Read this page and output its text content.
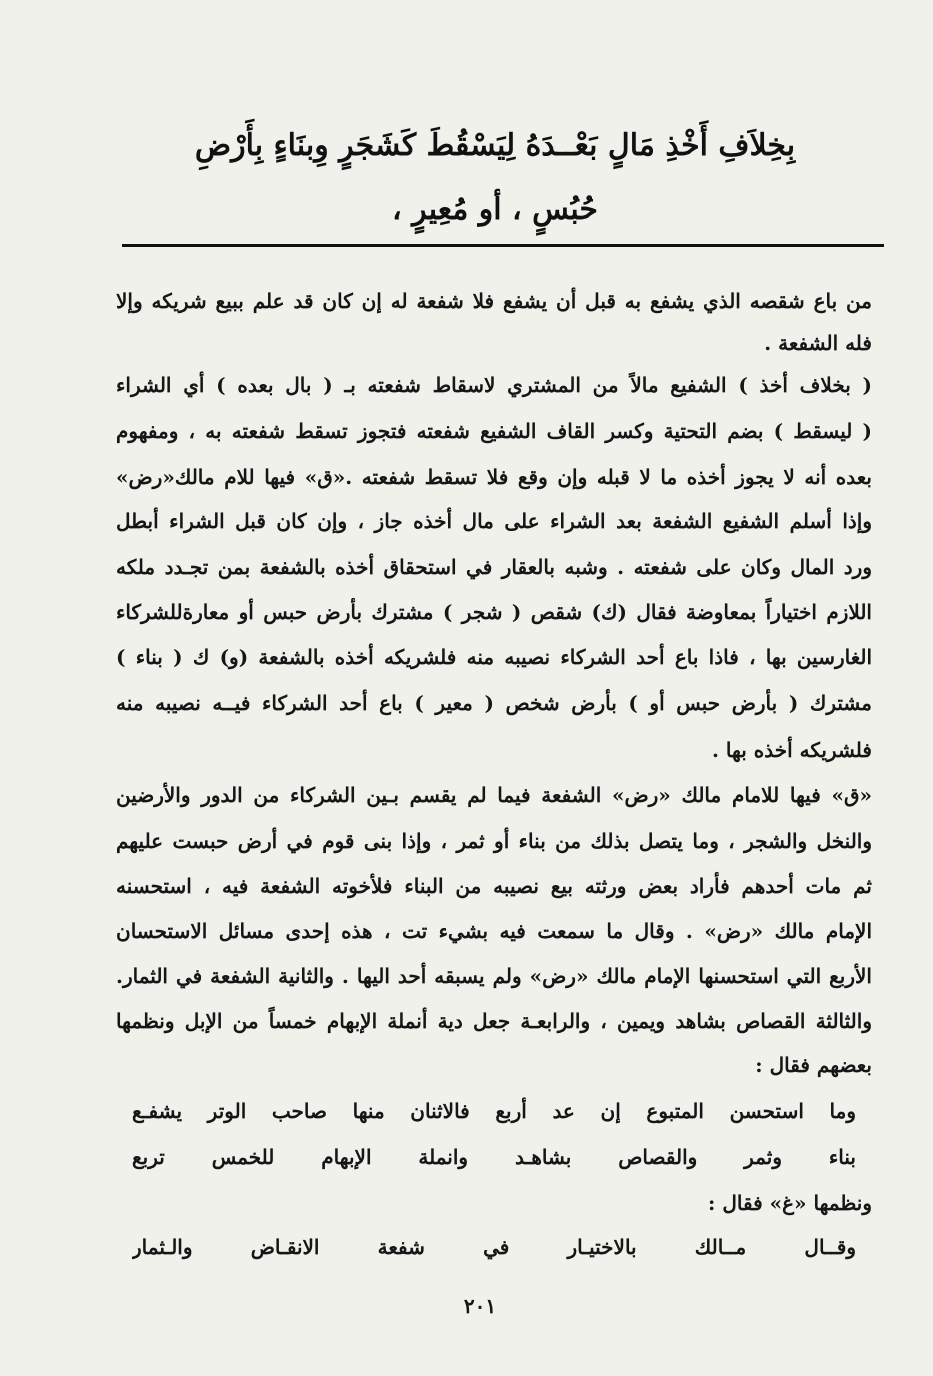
بِخِلاَفِ أَخْذِ مَالٍ بَعْــدَهُ لِيَسْقُطَ كَشَجَرٍ وِبنَاءٍ بِأَرْضِ
حُبُسٍ ، أو مُعِيرٍ ،
من باع شقصه الذي يشفع به قبل أن يشفع فلا شفعة له إن كان قد علم ببيع شريكه وإلا
فله الشفعة .
( بخلاف أخذ ) الشفيع مالاً من المشتري لاسقاط شفعته بـ ( بال بعده ) أي الشراء
( ليسقط ) بضم التحتية وكسر القاف الشفيع شفعته فتجوز تسقط شفعته به ، ومفهوم
بعده أنه لا يجوز أخذه ما لا قبله وإن وقع فلا تسقط شفعته .«ق» فيها للام مالك«رض»
وإذا أسلم الشفيع الشفعة بعد الشراء على مال أخذه جاز ، وإن كان قبل الشراء أبطل
ورد المال وكان على شفعته . وشبه بالعقار في استحقاق أخذه بالشفعة بمن تجـدد ملكه
اللازم اختياراً بمعاوضة فقال (ك) شقص ( شجر ) مشترك بأرض حبس أو معارةللشركاء
الغارسين بها ، فاذا باع أحد الشركاء نصيبه منه فلشريكه أخذه بالشفعة (و) ك ( بناء )
مشترك ( بأرض حبس أو ) بأرض شخص ( معير ) باع أحد الشركاء فيــه نصيبه منه
فلشريكه أخذه بها .
«ق» فيها للامام مالك «رض» الشفعة فيما لم يقسم بـين الشركاء من الدور والأرضين
والنخل والشجر ، وما يتصل بذلك من بناء أو ثمر ، وإذا بنى قوم في أرض حبست عليهم
ثم مات أحدهم فأراد بعض ورثته بيع نصيبه من البناء فلأخوته الشفعة فيه ، استحسنه
الإمام مالك «رض» . وقال ما سمعت فيه بشيء تت ، هذه إحدى مسائل الاستحسان
الأربع التي استحسنها الإمام مالك «رض» ولم يسبقه أحد اليها . والثانية الشفعة في الثمار.
والثالثة القصاص بشاهد ويمين ، والرابعـة جعل دية أنملة الإبهام خمساً من الإبل ونظمها
بعضهم فقال :
وما استحسن المتبوع إن عد أربع فالاثنان منها صاحب الوتر يشفـع
بناء وثمر والقصاص بشاهـد وانملة الإبهام للخمس تربع
ونظمها «غ» فقال :
وقــال مــالك بالاختيـار في شفعة الانقـاض والـثمار
٢٠١
